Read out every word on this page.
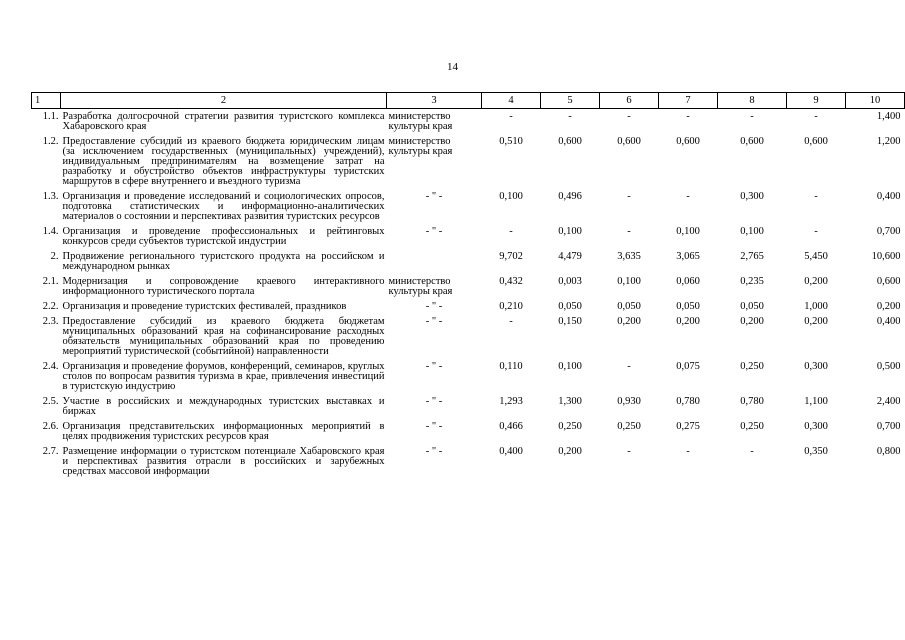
14
1	2	3	4	5	6	7	8	9	10
1.1.	Разработка долгосрочной стратегии развития туристского комплекса Хабаровского края	министерство культуры края	-	-	-	-	-	-	1,400
1.2.	Предоставление субсидий из краевого бюджета юридическим лицам (за исключением государственных (муниципальных) учреждений), индивидуальным предпринимателям на возмещение затрат на разработку и обустройство объектов инфраструктуры туристских маршрутов в сфере внутреннего и въездного туризма	министерство культуры края	0,510	0,600	0,600	0,600	0,600	0,600	1,200
1.3.	Организация и проведение исследований и социологических опросов, подготовка статистических и информационно-аналитических материалов о состоянии и перспективах развития туристских ресурсов	- " -	0,100	0,496	-	-	0,300	-	0,400
1.4.	Организация и проведение профессиональных и рейтинговых конкурсов среди субъектов туристской индустрии	- " -	-	0,100	-	0,100	0,100	-	0,700
2.	Продвижение регионального туристского продукта на российском и международном рынках		9,702	4,479	3,635	3,065	2,765	5,450	10,600
2.1.	Модернизация и сопровождение краевого интерактивного информационного туристического портала	министерство культуры края	0,432	0,003	0,100	0,060	0,235	0,200	0,600
2.2.	Организация и проведение туристских фестивалей, праздников	- " -	0,210	0,050	0,050	0,050	0,050	1,000	0,200
2.3.	Предоставление субсидий из краевого бюджета бюджетам муниципальных образований края на софинансирование расходных обязательств муниципальных образований края по проведению мероприятий туристической (событийной) направленности	- " -	-	0,150	0,200	0,200	0,200	0,200	0,400
2.4.	Организация и проведение форумов, конференций, семинаров, круглых столов по вопросам развития туризма в крае, привлечения инвестиций в туристскую индустрию	- " -	0,110	0,100	-	0,075	0,250	0,300	0,500
2.5.	Участие в российских и международных туристских выставках и биржах	- " -	1,293	1,300	0,930	0,780	0,780	1,100	2,400
2.6.	Организация представительских информационных мероприятий в целях продвижения туристских ресурсов края	- " -	0,466	0,250	0,250	0,275	0,250	0,300	0,700
2.7.	Размещение информации о туристском потенциале Хабаровского края и перспективах развития отрасли в российских и зарубежных средствах массовой информации	- " -	0,400	0,200	-	-	-	0,350	0,800
